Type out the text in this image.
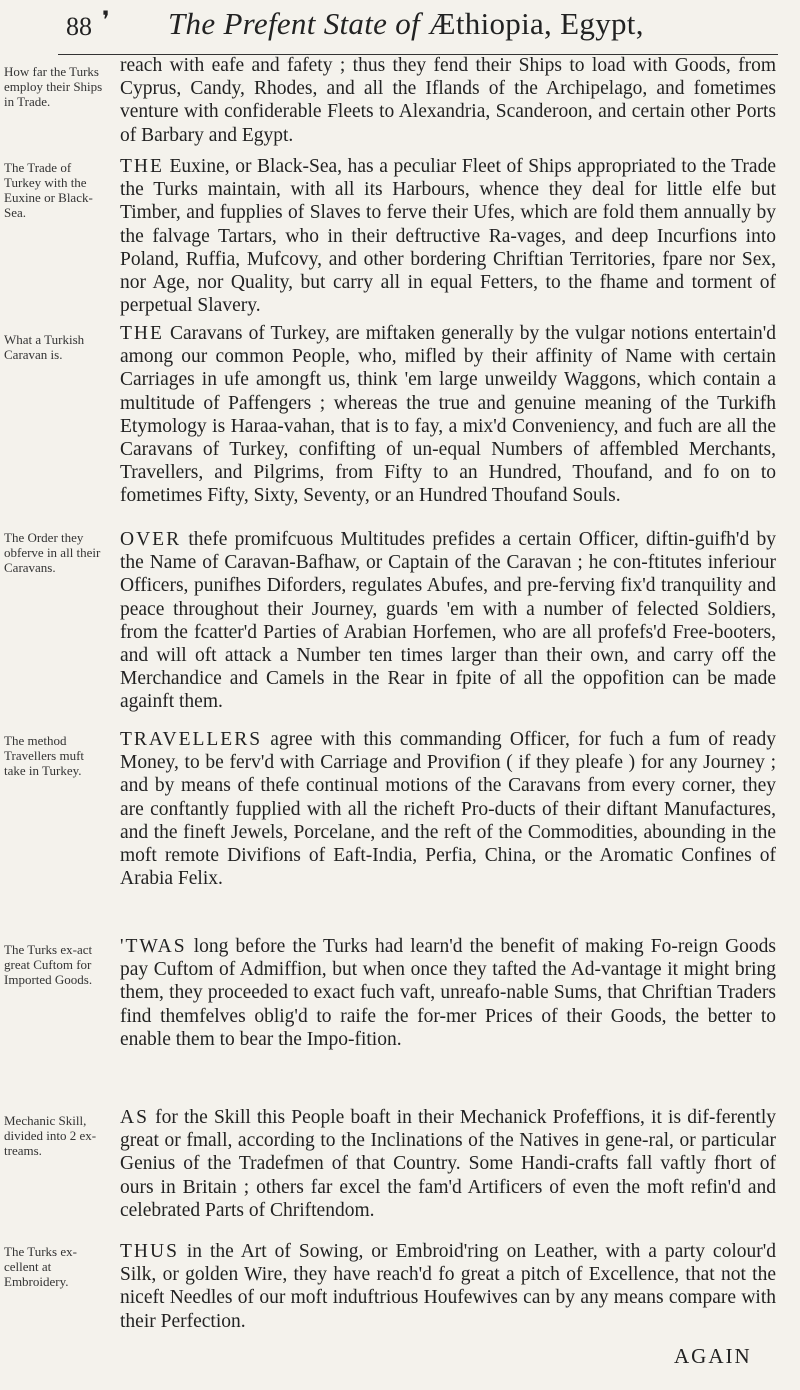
88 ❜ The Prefent State of Æthiopia, Egypt,
How far the Turks employ their Ships in Trade.
The Trade of Turkey with the Euxine or Black-Sea.
What a Turkish Caravan is.
The Order they obferve in all their Caravans.
The method Travellers muft take in Turkey.
The Turks ex-act great Cuftom for Imported Goods.
Mechanic Skill, divided into 2 ex-treams.
The Turks ex-cellent at Embroidery.

reach with eafe and fafety ; thus they fend their Ships to load with Goods, from Cyprus, Candy, Rhodes, and all the Iflands of the Archipelago, and fometimes venture with confiderable Fleets to Alexandria, Scanderoon, and certain other Ports of Barbary and Egypt.

THE Euxine, or Black-Sea, has a peculiar Fleet of Ships appropriated to the Trade the Turks maintain, with all its Harbours, whence they deal for little elfe but Timber, and fupplies of Slaves to ferve their Ufes, which are fold them annually by the falvage Tartars, who in their deftructive Ra-vages, and deep Incurfions into Poland, Ruffia, Mufcovy, and other bordering Chriftian Territories, fpare nor Sex, nor Age, nor Quality, but carry all in equal Fetters, to the fhame and torment of perpetual Slavery.

THE Caravans of Turkey, are miftaken generally by the vulgar notions entertain'd among our common People, who, mifled by their affinity of Name with certain Carriages in ufe amongft us, think 'em large unweildy Waggons, which contain a multitude of Paffengers ; whereas the true and genuine meaning of the Turkifh Etymology is Haraa-vahan, that is to fay, a mix'd Conveniency, and fuch are all the Caravans of Turkey, confifting of un-equal Numbers of affembled Merchants, Travellers, and Pilgrims, from Fifty to an Hundred, Thoufand, and fo on to fometimes Fifty, Sixty, Seventy, or an Hundred Thoufand Souls.

OVER thefe promifcuous Multitudes prefides a certain Officer, diftin-guifh'd by the Name of Caravan-Bafhaw, or Captain of the Caravan ; he con-ftitutes inferiour Officers, punifhes Diforders, regulates Abufes, and pre-ferving fix'd tranquility and peace throughout their Journey, guards 'em with a number of felected Soldiers, from the fcatter'd Parties of Arabian Horfemen, who are all profefs'd Free-booters, and will oft attack a Number ten times larger than their own, and carry off the Merchandice and Camels in the Rear in fpite of all the oppofition can be made againft them.

TRAVELLERS agree with this commanding Officer, for fuch a fum of ready Money, to be ferv'd with Carriage and Provifion ( if they pleafe ) for any Journey ; and by means of thefe continual motions of the Caravans from every corner, they are conftantly fupplied with all the richeft Pro-ducts of their diftant Manufactures, and the fineft Jewels, Porcelane, and the reft of the Commodities, abounding in the moft remote Divifions of Eaft-India, Perfia, China, or the Aromatic Confines of Arabia Felix.

'TWAS long before the Turks had learn'd the benefit of making Fo-reign Goods pay Cuftom of Admiffion, but when once they tafted the Ad-vantage it might bring them, they proceeded to exact fuch vaft, unreafo-nable Sums, that Chriftian Traders find themfelves oblig'd to raife the for-mer Prices of their Goods, the better to enable them to bear the Impo-fition.

AS for the Skill this People boaft in their Mechanick Profeffions, it is dif-ferently great or fmall, according to the Inclinations of the Natives in gene-ral, or particular Genius of the Tradefmen of that Country. Some Handi-crafts fall vaftly fhort of ours in Britain ; others far excel the fam'd Artificers of even the moft refin'd and celebrated Parts of Chriftendom.

THUS in the Art of Sowing, or Embroid'ring on Leather, with a party colour'd Silk, or golden Wire, they have reach'd fo great a pitch of Excellence, that not the niceft Needles of our moft induftrious Houfewives can by any means compare with their Perfection.

AGAIN
